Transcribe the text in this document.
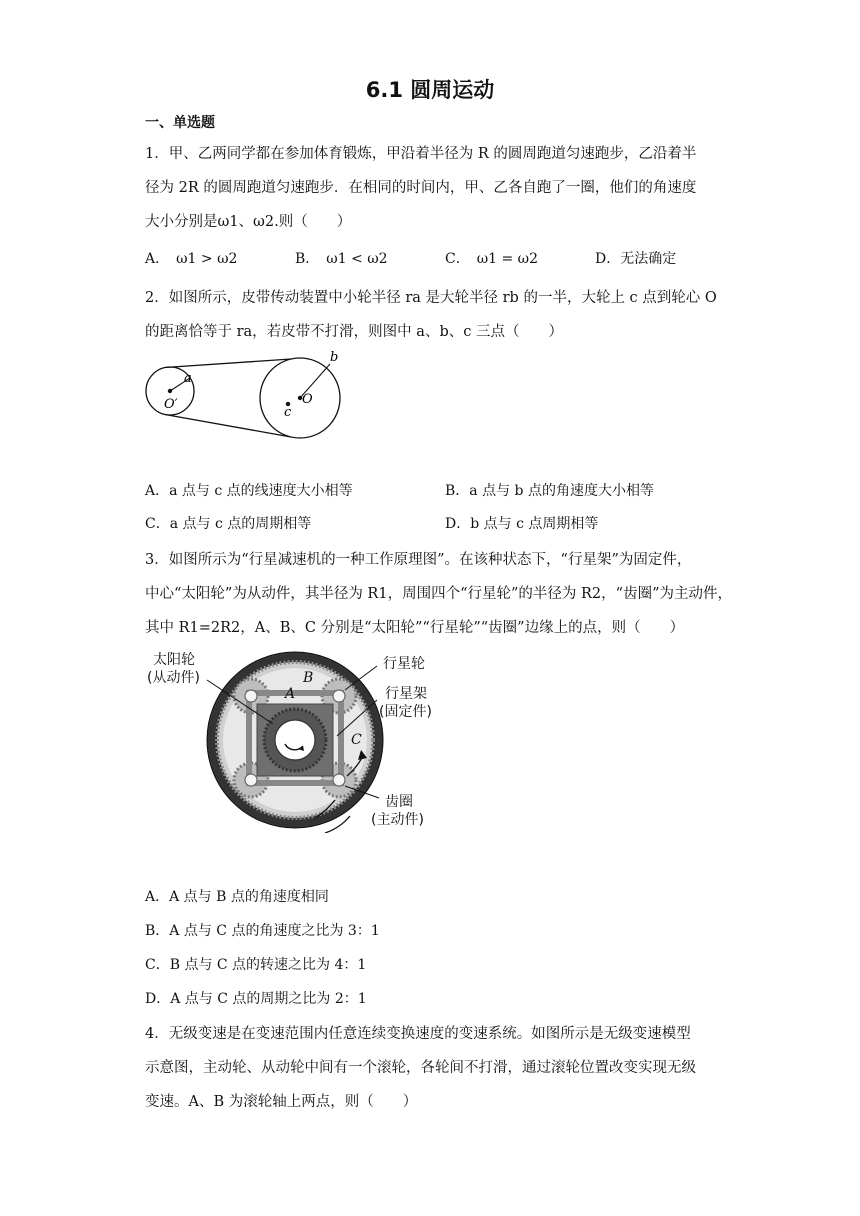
6.1 圆周运动
一、单选题
1．甲、乙两同学都在参加体育锻炼，甲沿着半径为 R 的圆周跑道匀速跑步，乙沿着半
径为 2R 的圆周跑道匀速跑步．在相同的时间内，甲、乙各自跑了一圈，他们的角速度
大小分别是ω1、ω2.则（　　）
A．　ω1 > ω2	B．　ω1 < ω2	C．　ω1 = ω2	D．无法确定
2．如图所示，皮带传动装置中小轮半径 ra 是大轮半径 rb 的一半，大轮上 c 点到轮心 O
的距离恰等于 ra，若皮带不打滑，则图中 a、b、c 三点（　　）
a
O′
b
c
O
A．a 点与 c 点的线速度大小相等	B．a 点与 b 点的角速度大小相等
C．a 点与 c 点的周期相等	D．b 点与 c 点周期相等
3．如图所示为“行星减速机的一种工作原理图”。在该种状态下，“行星架”为固定件，
中心“太阳轮”为从动件，其半径为 R1，周围四个“行星轮”的半径为 R2，“齿圈”为主动件，
其中 R1=2R2，A、B、C 分别是“太阳轮”“行星轮”“齿圈”边缘上的点，则（　　）
太阳轮
(从动件)
行星轮
行星架
(固定件)
齿圈
(主动件)
A
B
C
A．A 点与 B 点的角速度相同
B．A 点与 C 点的角速度之比为 3：1
C．B 点与 C 点的转速之比为 4：1
D．A 点与 C 点的周期之比为 2：1
4．无级变速是在变速范围内任意连续变换速度的变速系统。如图所示是无级变速模型
示意图，主动轮、从动轮中间有一个滚轮，各轮间不打滑，通过滚轮位置改变实现无级
变速。A、B 为滚轮轴上两点，则（　　）
